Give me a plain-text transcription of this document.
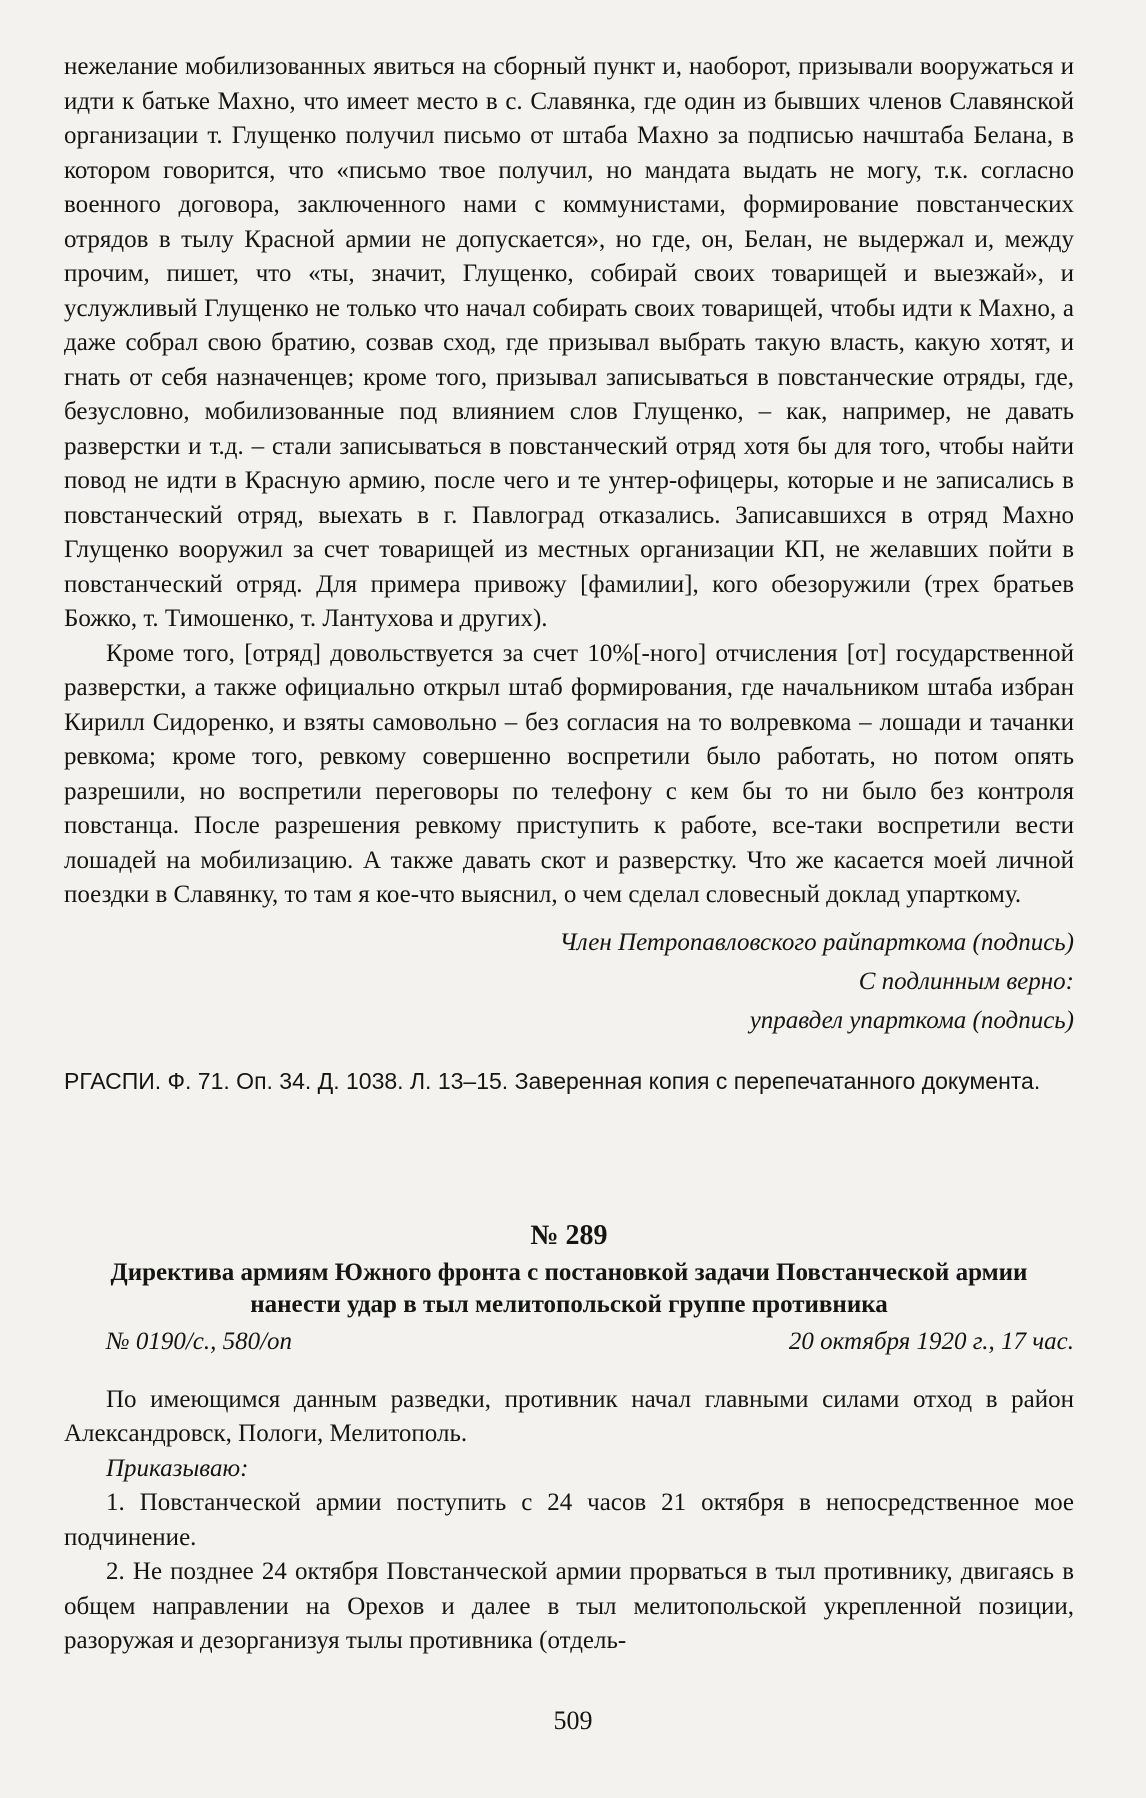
нежелание мобилизованных явиться на сборный пункт и, наоборот, призывали вооружаться и идти к батьке Махно, что имеет место в с. Славянка, где один из бывших членов Славянской организации т. Глущенко получил письмо от штаба Махно за подписью начштаба Белана, в котором говорится, что «письмо твое получил, но мандата выдать не могу, т.к. согласно военного договора, заключенного нами с коммунистами, формирование повстанческих отрядов в тылу Красной армии не допускается», но где, он, Белан, не выдержал и, между прочим, пишет, что «ты, значит, Глущенко, собирай своих товарищей и выезжай», и услужливый Глущенко не только что начал собирать своих товарищей, чтобы идти к Махно, а даже собрал свою братию, созвав сход, где призывал выбрать такую власть, какую хотят, и гнать от себя назначенцев; кроме того, призывал записываться в повстанческие отряды, где, безусловно, мобилизованные под влиянием слов Глущенко, – как, например, не давать разверстки и т.д. – стали записываться в повстанческий отряд хотя бы для того, чтобы найти повод не идти в Красную армию, после чего и те унтер-офицеры, которые и не записались в повстанческий отряд, выехать в г. Павлоград отказались. Записавшихся в отряд Махно Глущенко вооружил за счет товарищей из местных организации КП, не желавших пойти в повстанческий отряд. Для примера привожу [фамилии], кого обезоружили (трех братьев Божко, т. Тимошенко, т. Лантухова и других).

Кроме того, [отряд] довольствуется за счет 10%[-ного] отчисления [от] государственной разверстки, а также официально открыл штаб формирования, где начальником штаба избран Кирилл Сидоренко, и взяты самовольно – без согласия на то волревкома – лошади и тачанки ревкома; кроме того, ревкому совершенно воспретили было работать, но потом опять разрешили, но воспретили переговоры по телефону с кем бы то ни было без контроля повстанца. После разрешения ревкому приступить к работе, все-таки воспретили вести лошадей на мобилизацию. А также давать скот и разверстку. Что же касается моей личной поездки в Славянку, то там я кое-что выяснил, о чем сделал словесный доклад упарткому.

Член Петропавловского райпарткома (подпись)

С подлинным верно:

управдел упарткома (подпись)

РГАСПИ. Ф. 71. Оп. 34. Д. 1038. Л. 13–15. Заверенная копия с перепечатанного документа.

№ 289

Директива армиям Южного фронта с постановкой задачи Повстанческой армии нанести удар в тыл мелитопольской группе противника

№ 0190/с., 580/оп	20 октября 1920 г., 17 час.

По имеющимся данным разведки, противник начал главными силами отход в район Александровск, Пологи, Мелитополь.

Приказываю:

1. Повстанческой армии поступить с 24 часов 21 октября в непосредственное мое подчинение.

2. Не позднее 24 октября Повстанческой армии прорваться в тыл противнику, двигаясь в общем направлении на Орехов и далее в тыл мелитопольской укрепленной позиции, разоружая и дезорганизуя тылы противника (отдель-

509
